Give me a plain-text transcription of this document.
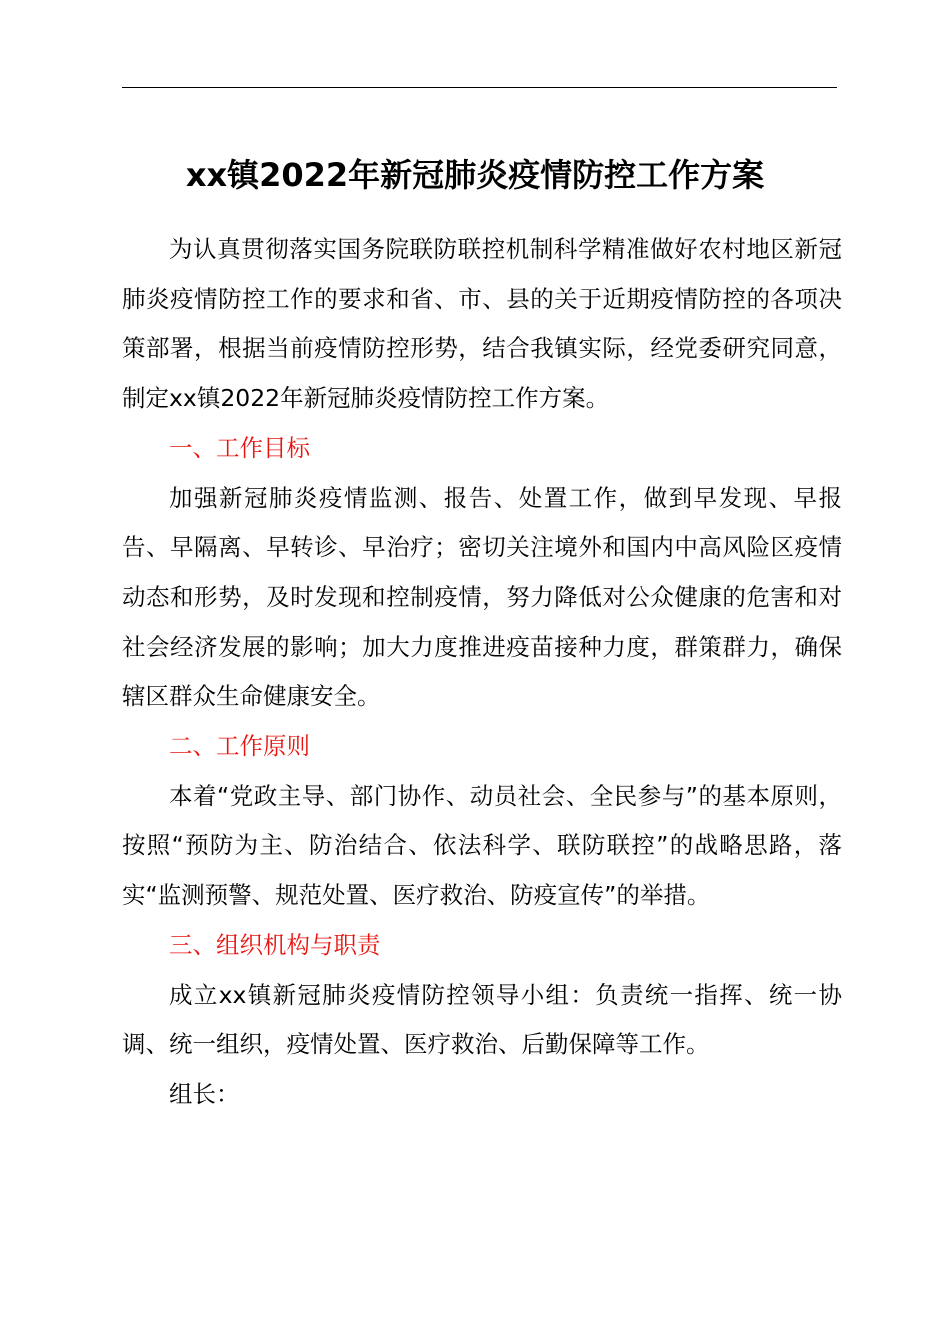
xx镇2022年新冠肺炎疫情防控工作方案

为认真贯彻落实国务院联防联控机制科学精准做好农村地区新冠肺炎疫情防控工作的要求和省、市、县的关于近期疫情防控的各项决策部署，根据当前疫情防控形势，结合我镇实际，经党委研究同意，制定xx镇2022年新冠肺炎疫情防控工作方案。

一、工作目标

加强新冠肺炎疫情监测、报告、处置工作，做到早发现、早报告、早隔离、早转诊、早治疗；密切关注境外和国内中高风险区疫情动态和形势，及时发现和控制疫情，努力降低对公众健康的危害和对社会经济发展的影响；加大力度推进疫苗接种力度，群策群力，确保辖区群众生命健康安全。

二、工作原则

本着“党政主导、部门协作、动员社会、全民参与”的基本原则，按照“预防为主、防治结合、依法科学、联防联控”的战略思路，落实“监测预警、规范处置、医疗救治、防疫宣传”的举措。

三、组织机构与职责

成立xx镇新冠肺炎疫情防控领导小组：负责统一指挥、统一协调、统一组织，疫情处置、医疗救治、后勤保障等工作。

组长：
